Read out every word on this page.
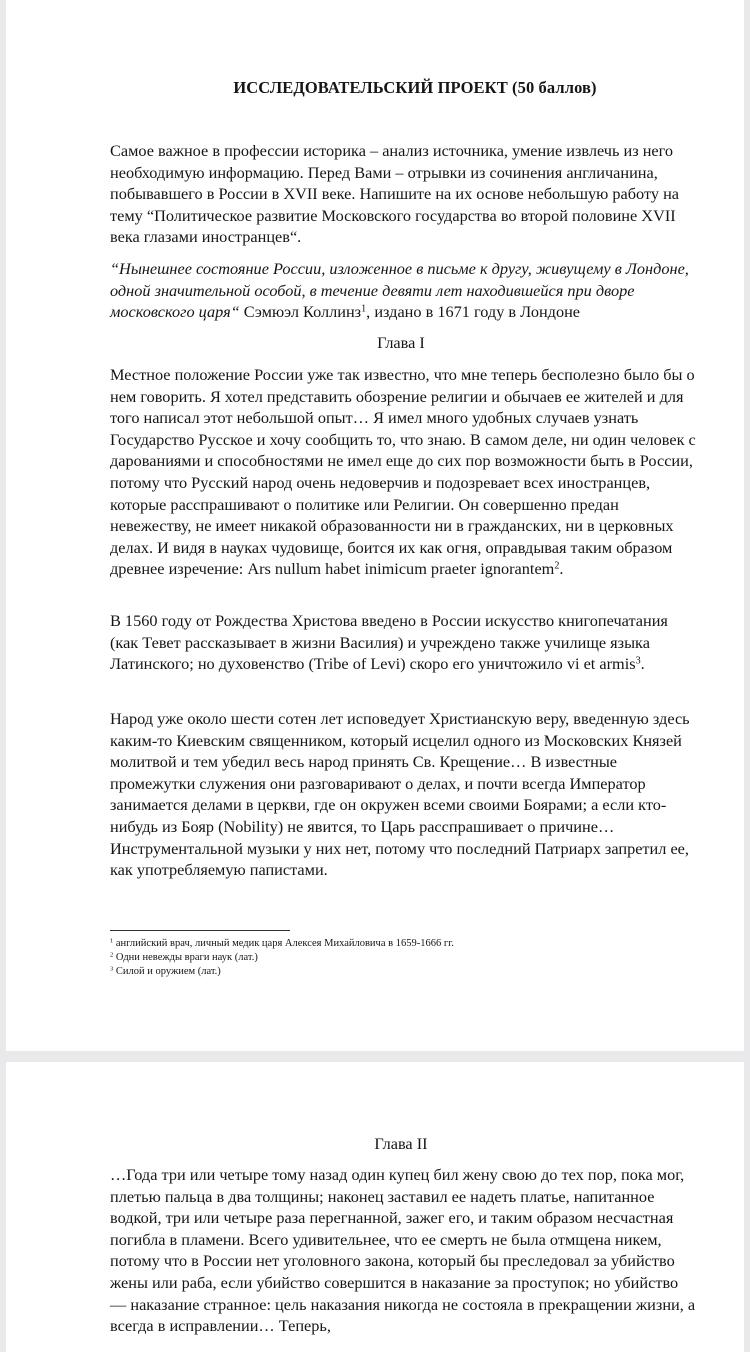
ИССЛЕДОВАТЕЛЬСКИЙ ПРОЕКТ (50 баллов)

Самое важное в профессии историка – анализ источника, умение извлечь из него необходимую информацию. Перед Вами – отрывки из сочинения англичанина, побывавшего в России в XVII веке. Напишите на их основе небольшую работу на тему “Политическое развитие Московского государства во второй половине XVII века глазами иностранцев“.

“Нынешнее состояние России, изложенное в письме к другу, живущему в Лондоне, одной значительной особой, в течение девяти лет находившейся при дворе московского царя“ Сэмюэл Коллинз$^1$, издано в 1671 году в Лондоне

Глава I

Местное положение России уже так известно, что мне теперь бесполезно было бы о нем говорить. Я хотел представить обозрение религии и обычаев ее жителей и для того написал этот небольшой опыт… Я имел много удобных случаев узнать Государство Русское и хочу сообщить то, что знаю. В самом деле, ни один человек с дарованиями и способностями не имел еще до сих пор возможности быть в России, потому что Русский народ очень недоверчив и подозревает всех иностранцев, которые расспрашивают о политике или Религии. Он совершенно предан невежеству, не имеет никакой образованности ни в гражданских, ни в церковных делах. И видя в науках чудовище, боится их как огня, оправдывая таким образом древнее изречение: Ars nullum habet inimicum praeter ignorantem$^2$.

В 1560 году от Рождества Христова введено в России искусство книгопечатания (как Тевет рассказывает в жизни Василия) и учреждено также училище языка Латинского; но духовенство (Tribe of Levi) скоро его уничтожило vi et armis$^3$.

Народ уже около шести сотен лет исповедует Христианскую веру, введенную здесь каким-то Киевским священником, который исцелил одного из Московских Князей молитвой и тем убедил весь народ принять Св. Крещение… В известные промежутки служения они разговаривают о делах, и почти всегда Император занимается делами в церкви, где он окружен всеми своими Боярами; а если кто-нибудь из Бояр (Nobility) не явится, то Царь расспрашивает о причине… Инструментальной музыки у них нет, потому что последний Патриарх запретил ее, как употребляемую папистами.

$^1$ английский врач, личный медик царя Алексея Михайловича в 1659-1666 гг.
$^2$ Одни невежды враги наук (лат.)
$^3$ Силой и оружием (лат.)

Глава II

…Года три или четыре тому назад один купец бил жену свою до тех пор, пока мог, плетью пальца в два толщины; наконец заставил ее надеть платье, напитанное водкой, три или четыре раза перегнанной, зажег его, и таким образом несчастная погибла в пламени. Всего удивительнее, что ее смерть не была отмщена никем, потому что в России нет уголовного закона, который бы преследовал за убийство жены или раба, если убийство совершится в наказание за проступок; но убийство — наказание странное: цель наказания никогда не состояла в прекращении жизни, а всегда в исправлении… Теперь,
